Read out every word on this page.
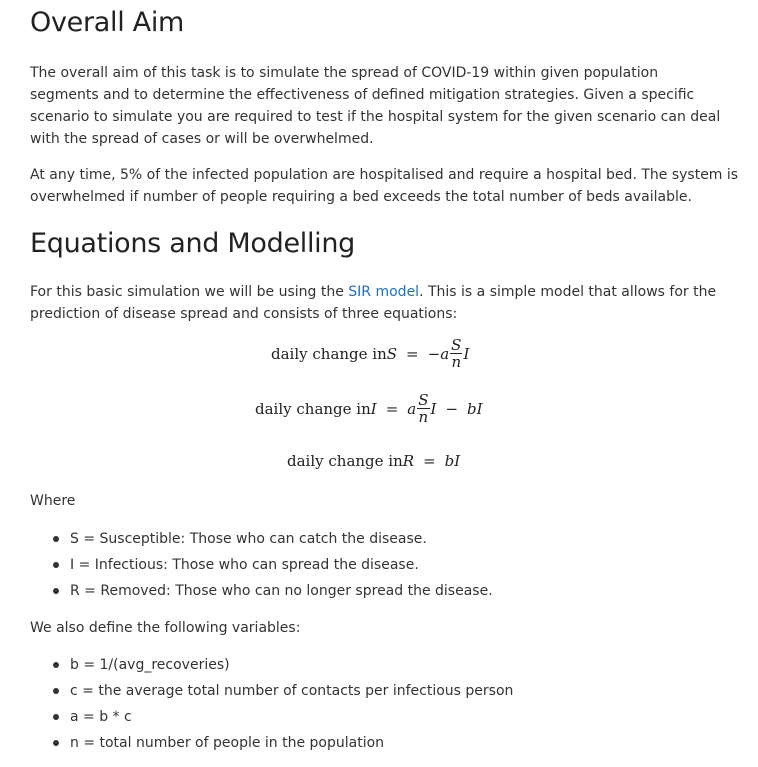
Overall Aim

The overall aim of this task is to simulate the spread of COVID-19 within given population segments and to determine the effectiveness of defined mitigation strategies. Given a specific scenario to simulate you are required to test if the hospital system for the given scenario can deal with the spread of cases or will be overwhelmed.

At any time, 5% of the infected population are hospitalised and require a hospital bed. The system is overwhelmed if number of people requiring a bed exceeds the total number of beds available.

Equations and Modelling

For this basic simulation we will be using the SIR model. This is a simple model that allows for the prediction of disease spread and consists of three equations:

daily change in S = − a $\frac{S}{n}$ I
daily change in I = a $\frac{S}{n}$ I − bI
daily change in R = bI

Where

S = Susceptible: Those who can catch the disease.
I = Infectious: Those who can spread the disease.
R = Removed: Those who can no longer spread the disease.

We also define the following variables:

b = 1/(avg_recoveries)
c = the average total number of contacts per infectious person
a = b * c
n = total number of people in the population
